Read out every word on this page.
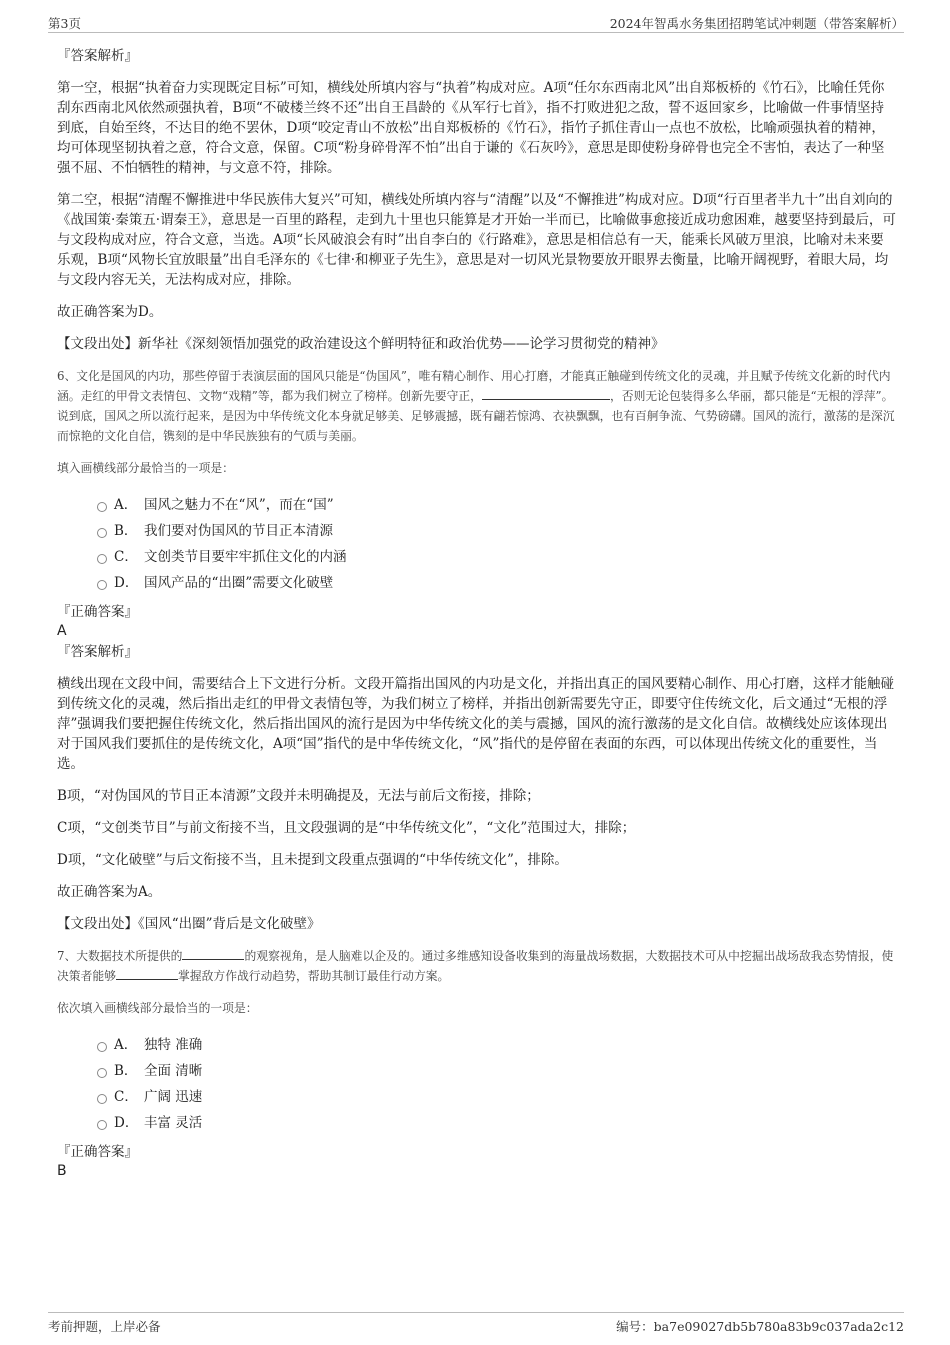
第3页	2024年智禹水务集团招聘笔试冲刺题（带答案解析）

『答案解析』

第一空，根据“执着奋力实现既定目标”可知，横线处所填内容与“执着”构成对应。A项“任尔东西南北风”出自郑板桥的《竹石》，比喻任凭你刮东西南北风依然顽强执着，B项“不破楼兰终不还”出自王昌龄的《从军行七首》，指不打败进犯之敌，誓不返回家乡，比喻做一件事情坚持到底，自始至终，不达目的绝不罢休，D项“咬定青山不放松”出自郑板桥的《竹石》，指竹子抓住青山一点也不放松，比喻顽强执着的精神，均可体现坚韧执着之意，符合文意，保留。C项“粉身碎骨浑不怕”出自于谦的《石灰吟》，意思是即使粉身碎骨也完全不害怕，表达了一种坚强不屈、不怕牺牲的精神，与文意不符，排除。

第二空，根据“清醒不懈推进中华民族伟大复兴”可知，横线处所填内容与“清醒”以及“不懈推进”构成对应。D项“行百里者半九十”出自刘向的《战国策·秦策五·谓秦王》，意思是一百里的路程，走到九十里也只能算是才开始一半而已，比喻做事愈接近成功愈困难，越要坚持到最后，可与文段构成对应，符合文意，当选。A项“长风破浪会有时”出自李白的《行路难》，意思是相信总有一天，能乘长风破万里浪，比喻对未来要乐观，B项“风物长宜放眼量”出自毛泽东的《七律·和柳亚子先生》，意思是对一切风光景物要放开眼界去衡量，比喻开阔视野，着眼大局，均与文段内容无关，无法构成对应，排除。

故正确答案为D。

【文段出处】新华社《深刻领悟加强党的政治建设这个鲜明特征和政治优势——论学习贯彻党的精神》

6、文化是国风的内功，那些停留于表演层面的国风只能是“伪国风”，唯有精心制作、用心打磨，才能真正触碰到传统文化的灵魂，并且赋予传统文化新的时代内涵。走红的甲骨文表情包、文物“戏精”等，都为我们树立了榜样。创新先要守正，	，否则无论包装得多么华丽，都只能是“无根的浮萍”。说到底，国风之所以流行起来，是因为中华传统文化本身就足够美、足够震撼，既有翩若惊鸿、衣袂飘飘，也有百舸争流、气势磅礴。国风的流行，激荡的是深沉而惊艳的文化自信，镌刻的是中华民族独有的气质与美丽。

填入画横线部分最恰当的一项是：

A． 国风之魅力不在“风”，而在“国”
B． 我们要对伪国风的节目正本清源
C． 文创类节目要牢牢抓住文化的内涵
D． 国风产品的“出圈”需要文化破壁

『正确答案』

A

『答案解析』

横线出现在文段中间，需要结合上下文进行分析。文段开篇指出国风的内功是文化，并指出真正的国风要精心制作、用心打磨，这样才能触碰到传统文化的灵魂，然后指出走红的甲骨文表情包等，为我们树立了榜样，并指出创新需要先守正，即要守住传统文化，后文通过“无根的浮萍”强调我们要把握住传统文化，然后指出国风的流行是因为中华传统文化的美与震撼，国风的流行激荡的是文化自信。故横线处应该体现出对于国风我们要抓住的是传统文化，A项“国”指代的是中华传统文化，“风”指代的是停留在表面的东西，可以体现出传统文化的重要性，当选。

B项，“对伪国风的节目正本清源”文段并未明确提及，无法与前后文衔接，排除；

C项，“文创类节目”与前文衔接不当，且文段强调的是“中华传统文化”，“文化”范围过大，排除；

D项，“文化破壁”与后文衔接不当，且未提到文段重点强调的“中华传统文化”，排除。

故正确答案为A。

【文段出处】《国风“出圈”背后是文化破壁》

7、大数据技术所提供的	的观察视角，是人脑难以企及的。通过多维感知设备收集到的海量战场数据，大数据技术可从中挖掘出战场敌我态势情报，使决策者能够	掌握敌方作战行动趋势，帮助其制订最佳行动方案。

依次填入画横线部分最恰当的一项是：

A． 独特 准确
B． 全面 清晰
C． 广阔 迅速
D． 丰富 灵活

『正确答案』

B

考前押题，上岸必备	编号：ba7e09027db5b780a83b9c037ada2c12
